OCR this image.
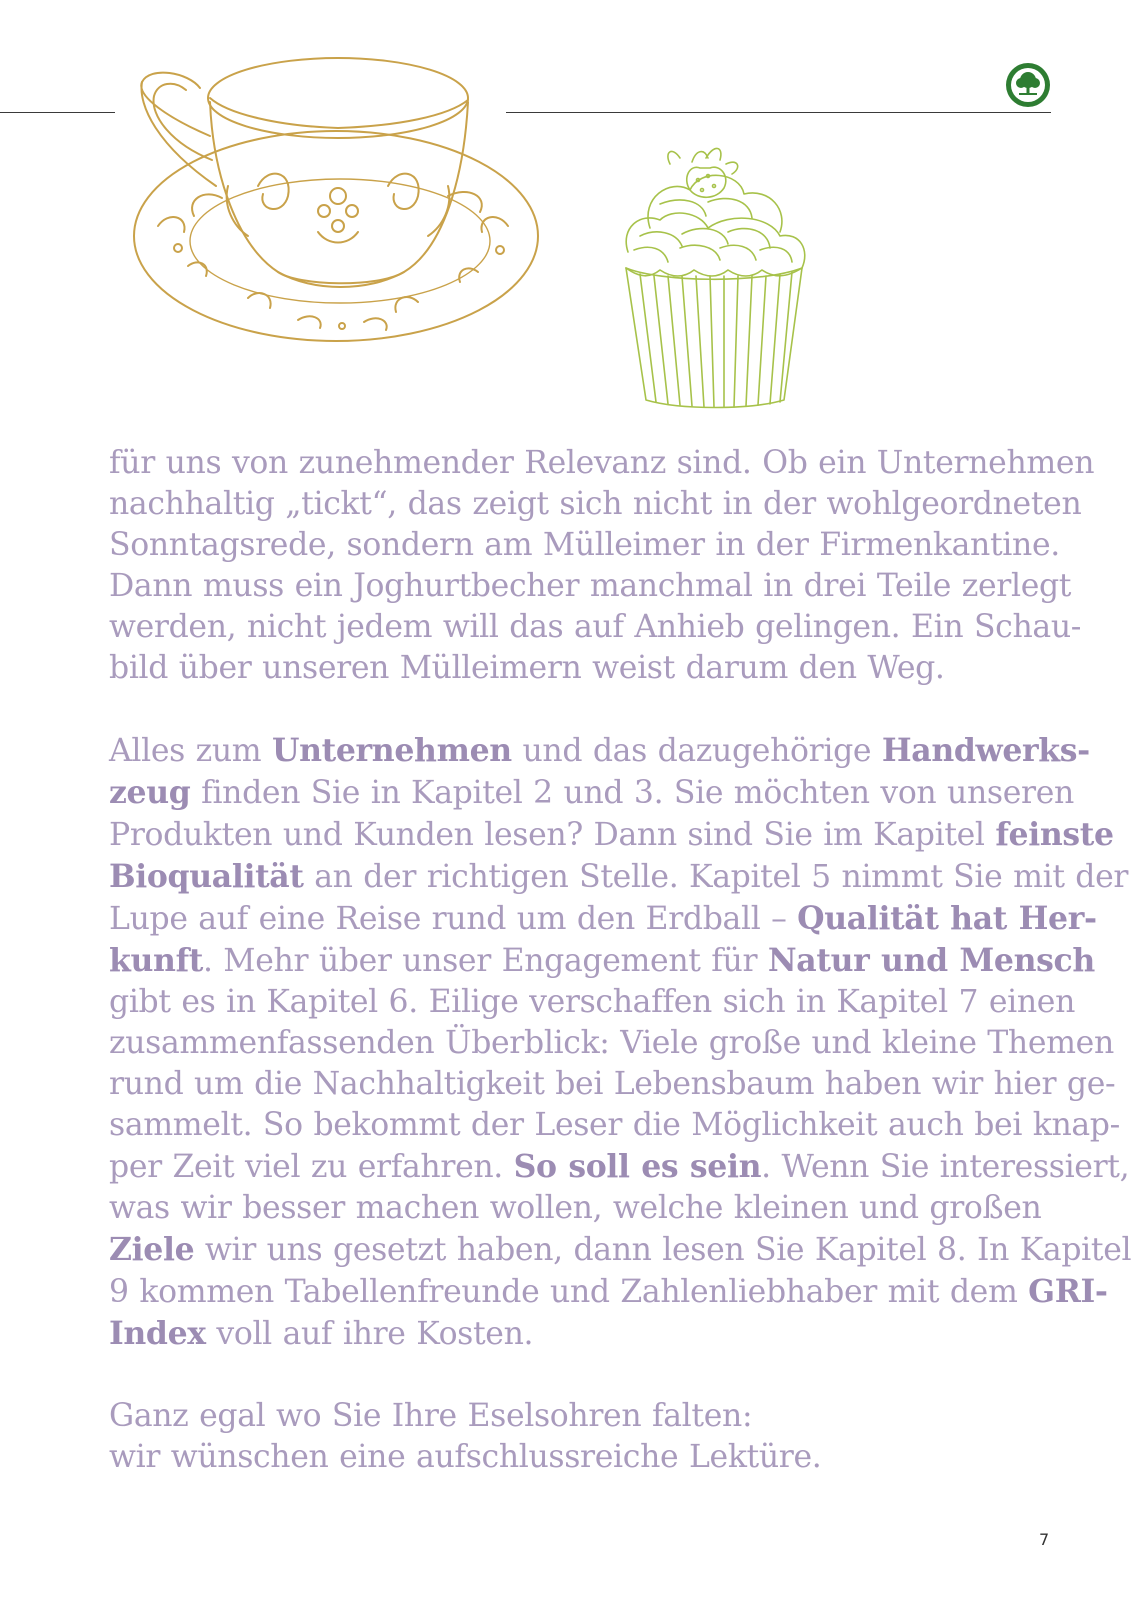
für uns von zunehmender Relevanz sind. Ob ein Unternehmen
nachhaltig „tickt“, das zeigt sich nicht in der wohlgeordneten
Sonntagsrede, sondern am Mülleimer in der Firmenkantine.
Dann muss ein Joghurtbecher manchmal in drei Teile zerlegt
werden, nicht jedem will das auf Anhieb gelingen. Ein Schau-
bild über unseren Mülleimern weist darum den Weg.
Alles zum Unternehmen und das dazugehörige Handwerks-
zeug finden Sie in Kapitel 2 und 3. Sie möchten von unseren
Produkten und Kunden lesen? Dann sind Sie im Kapitel feinste
Bioqualität an der richtigen Stelle. Kapitel 5 nimmt Sie mit der
Lupe auf eine Reise rund um den Erdball – Qualität hat Her-
kunft. Mehr über unser Engagement für Natur und Mensch
gibt es in Kapitel 6. Eilige verschaffen sich in Kapitel 7 einen
zusammenfassenden Überblick: Viele große und kleine Themen
rund um die Nachhaltigkeit bei Lebensbaum haben wir hier ge-
sammelt. So bekommt der Leser die Möglichkeit auch bei knap-
per Zeit viel zu erfahren. So soll es sein. Wenn Sie interessiert,
was wir besser machen wollen, welche kleinen und großen
Ziele wir uns gesetzt haben, dann lesen Sie Kapitel 8. In Kapitel
9 kommen Tabellenfreunde und Zahlenliebhaber mit dem GRI-
Index voll auf ihre Kosten.
Ganz egal wo Sie Ihre Eselsohren falten:
wir wünschen eine aufschlussreiche Lektüre.
7
